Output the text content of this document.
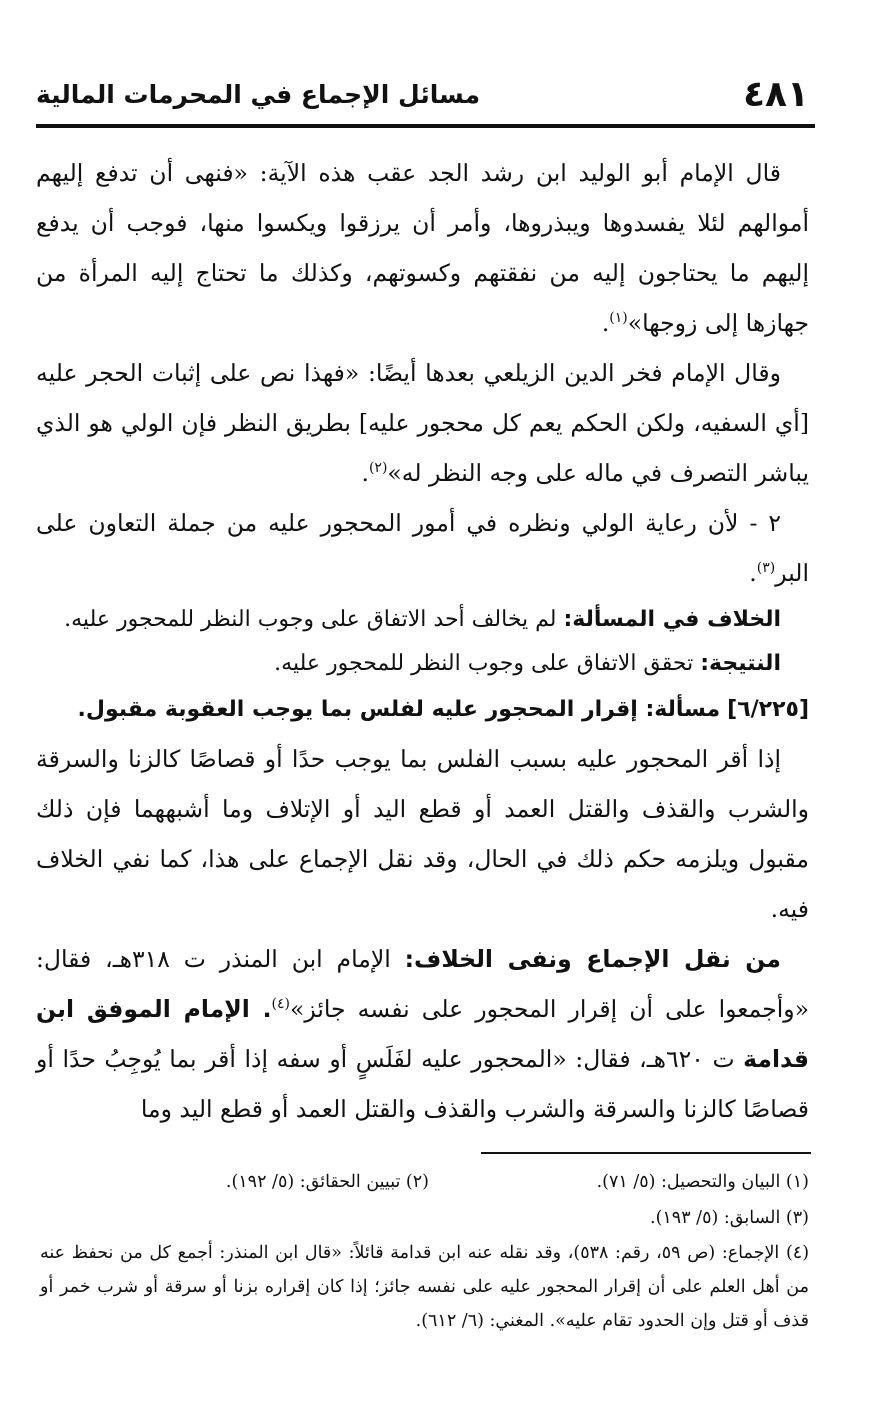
٤٨١
مسائل الإجماع في المحرمات المالية

قال الإمام أبو الوليد ابن رشد الجد عقب هذه الآية: «فنهى أن تدفع إليهم أموالهم لئلا يفسدوها ويبذروها، وأمر أن يرزقوا ويكسوا منها، فوجب أن يدفع إليهم ما يحتاجون إليه من نفقتهم وكسوتهم، وكذلك ما تحتاج إليه المرأة من جهازها إلى زوجها»$^{(١)}$.

وقال الإمام فخر الدين الزيلعي بعدها أيضًا: «فهذا نص على إثبات الحجر عليه [أي السفيه، ولكن الحكم يعم كل محجور عليه] بطريق النظر فإن الولي هو الذي يباشر التصرف في ماله على وجه النظر له»$^{(٢)}$.

٢ - لأن رعاية الولي ونظره في أمور المحجور عليه من جملة التعاون على البر$^{(٣)}$.

الخلاف في المسألة: لم يخالف أحد الاتفاق على وجوب النظر للمحجور عليه.

النتيجة: تحقق الاتفاق على وجوب النظر للمحجور عليه.

[٦/٢٢٥] مسألة: إقرار المحجور عليه لفلس بما يوجب العقوبة مقبول.

إذا أقر المحجور عليه بسبب الفلس بما يوجب حدًا أو قصاصًا كالزنا والسرقة والشرب والقذف والقتل العمد أو قطع اليد أو الإتلاف وما أشبههما فإن ذلك مقبول ويلزمه حكم ذلك في الحال، وقد نقل الإجماع على هذا، كما نفي الخلاف فيه.

من نقل الإجماع ونفى الخلاف: الإمام ابن المنذر ت ٣١٨هـ، فقال: «وأجمعوا على أن إقرار المحجور على نفسه جائز»$^{(٤)}$. الإمام الموفق ابن قدامة ت ٦٢٠هـ، فقال: «المحجور عليه لفَلَسٍ أو سفه إذا أقر بما يُوجِبُ حدًا أو قصاصًا كالزنا والسرقة والشرب والقذف والقتل العمد أو قطع اليد وما

(١) البيان والتحصيل: (٥/ ٧١).
(٢) تبيين الحقائق: (٥/ ١٩٢).
(٣) السابق: (٥/ ١٩٣).
(٤) الإجماع: (ص ٥٩، رقم: ٥٣٨)، وقد نقله عنه ابن قدامة قائلاً: «قال ابن المنذر: أجمع كل من نحفظ عنه من أهل العلم على أن إقرار المحجور عليه على نفسه جائز؛ إذا كان إقراره بزنا أو سرقة أو شرب خمر أو قذف أو قتل وإن الحدود تقام عليه». المغني: (٦/ ٦١٢).
